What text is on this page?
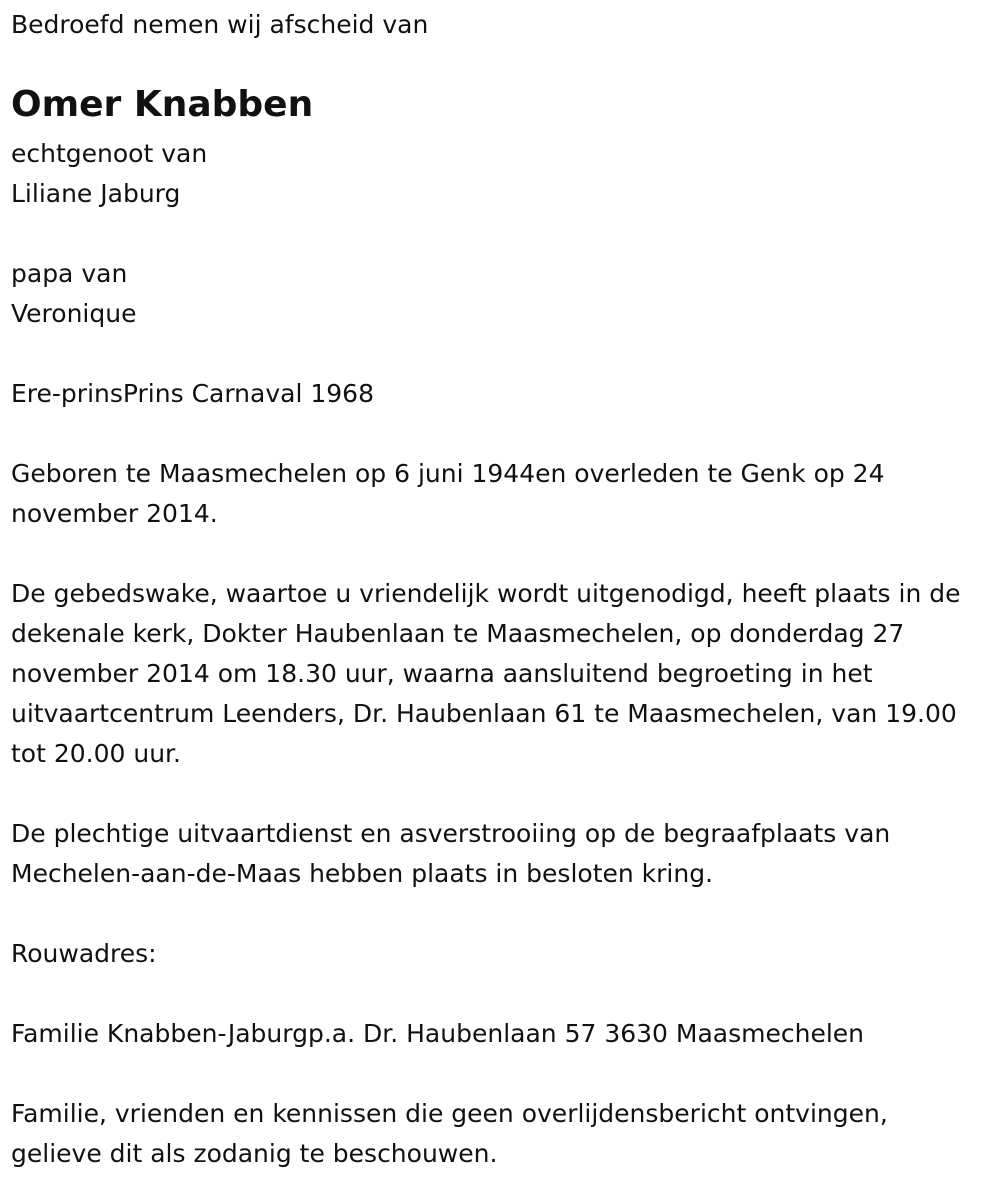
Bedroefd nemen wij afscheid van

Omer Knabben

echtgenoot van

Liliane Jaburg

papa van

Veronique

Ere-prinsPrins Carnaval 1968

Geboren te Maasmechelen op 6 juni 1944en overleden te Genk op 24 november 2014.

De gebedswake, waartoe u vriendelijk wordt uitgenodigd, heeft plaats in de dekenale kerk, Dokter Haubenlaan te Maasmechelen, op donderdag 27 november 2014 om 18.30 uur, waarna aansluitend begroeting in het uitvaartcentrum Leenders, Dr. Haubenlaan 61 te Maasmechelen, van 19.00 tot 20.00 uur.

De plechtige uitvaartdienst en asverstrooiing op de begraafplaats van Mechelen-aan-de-Maas hebben plaats in besloten kring.

Rouwadres:

Familie Knabben-Jaburgp.a. Dr. Haubenlaan 57 3630 Maasmechelen

Familie, vrienden en kennissen die geen overlijdensbericht ontvingen, gelieve dit als zodanig te beschouwen.
